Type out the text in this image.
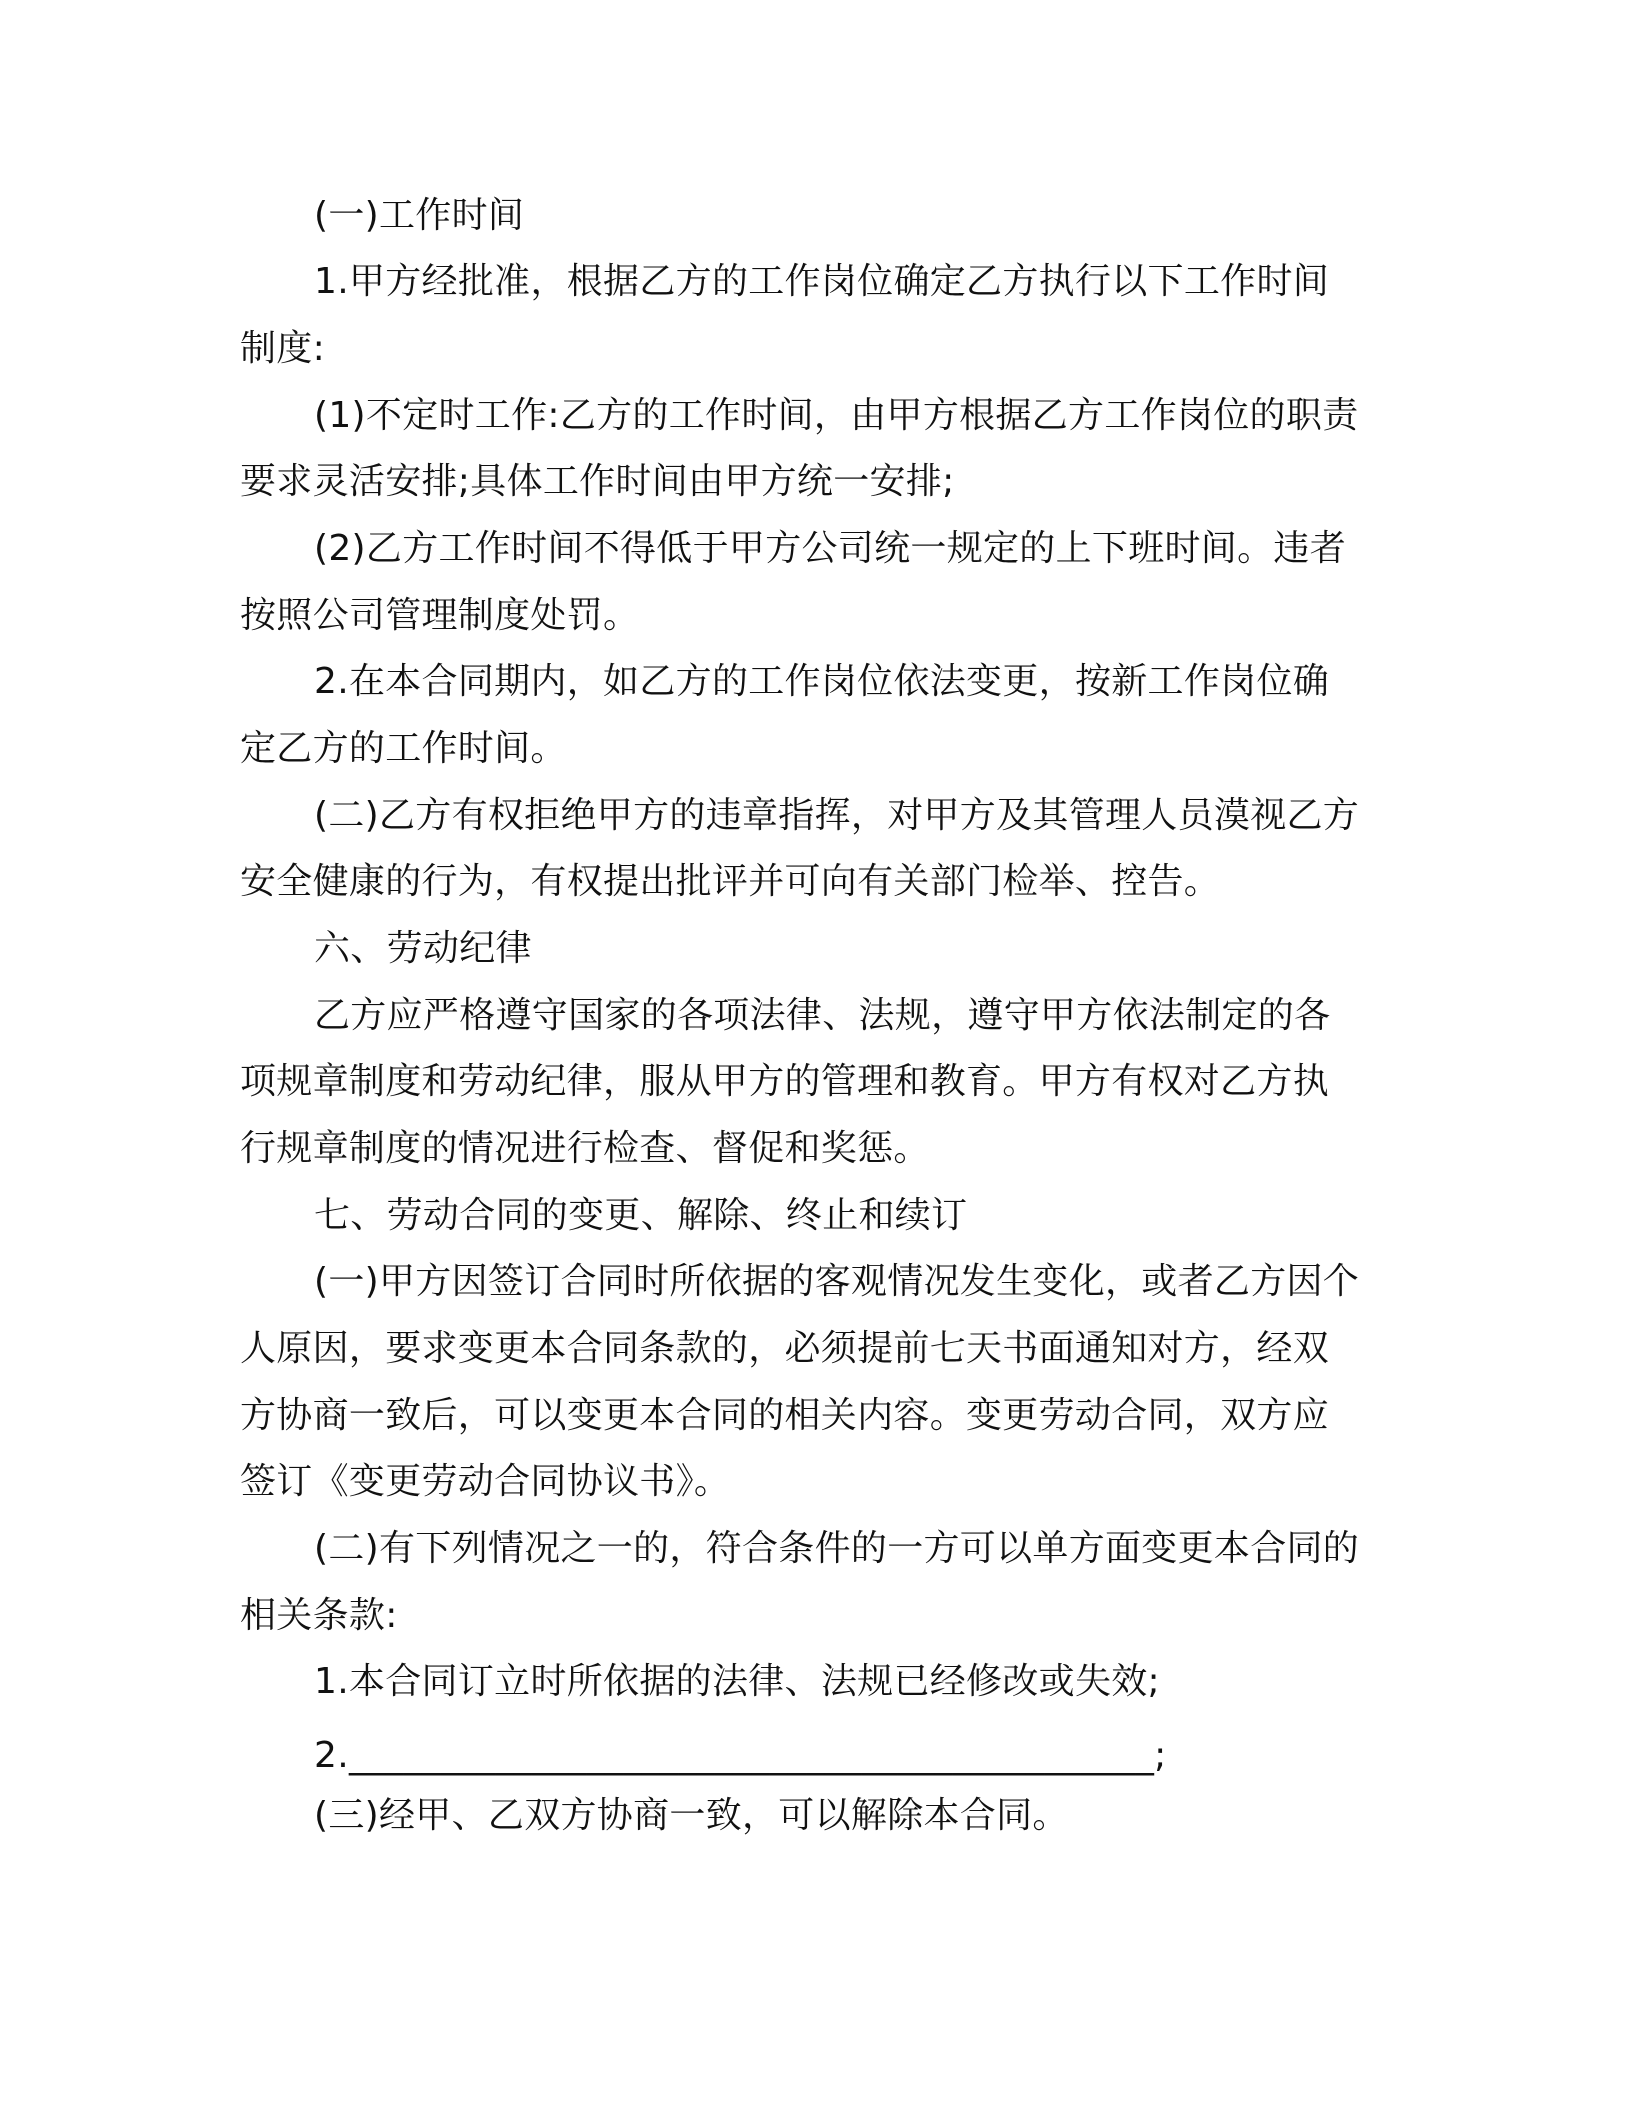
(一)工作时间
1.甲方经批准，根据乙方的工作岗位确定乙方执行以下工作时间
制度:
(1)不定时工作:乙方的工作时间，由甲方根据乙方工作岗位的职责
要求灵活安排;具体工作时间由甲方统一安排;
(2)乙方工作时间不得低于甲方公司统一规定的上下班时间。违者
按照公司管理制度处罚。
2.在本合同期内，如乙方的工作岗位依法变更，按新工作岗位确
定乙方的工作时间。
(二)乙方有权拒绝甲方的违章指挥，对甲方及其管理人员漠视乙方
安全健康的行为，有权提出批评并可向有关部门检举、控告。
六、劳动纪律
乙方应严格遵守国家的各项法律、法规，遵守甲方依法制定的各
项规章制度和劳动纪律，服从甲方的管理和教育。甲方有权对乙方执
行规章制度的情况进行检查、督促和奖惩。
七、劳动合同的变更、解除、终止和续订
(一)甲方因签订合同时所依据的客观情况发生变化，或者乙方因个
人原因，要求变更本合同条款的，必须提前七天书面通知对方，经双
方协商一致后，可以变更本合同的相关内容。变更劳动合同，双方应
签订《变更劳动合同协议书》。
(二)有下列情况之一的，符合条件的一方可以单方面变更本合同的
相关条款:
1.本合同订立时所依据的法律、法规已经修改或失效;
2.____________________________________________;
(三)经甲、乙双方协商一致，可以解除本合同。
